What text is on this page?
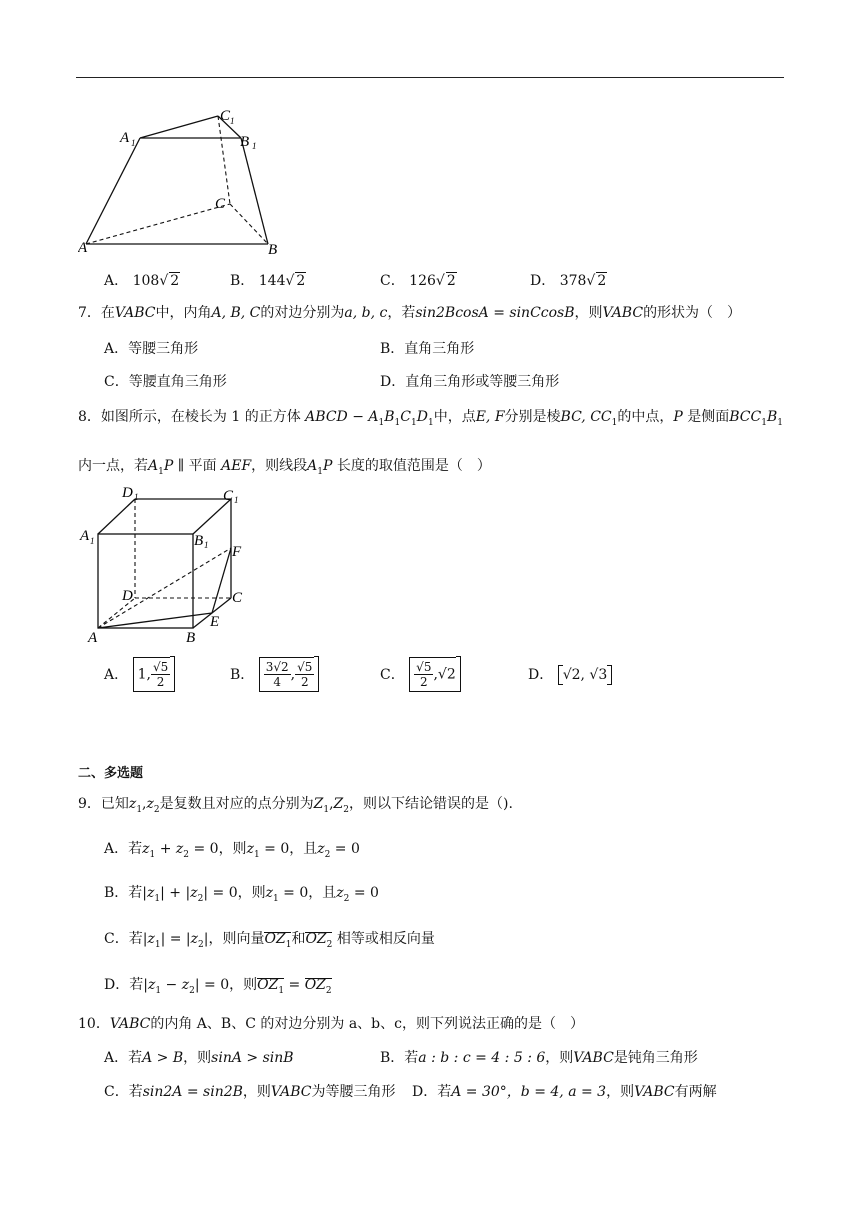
A	B
C
A 1	B 1
C 1
A． 108√ 2	B． 144√ 2	C． 126√ 2	D． 378√ 2
7．在VABC中，内角A, B, C的对边分别为a, b, c，若sin2BcosA = sinCcosB，则VABC的形状为（　）
A．等腰三角形	B．直角三角形
C．等腰直角三角形	D．直角三角形或等腰三角形
8．如图所示，在棱长为 1 的正方体 ABCD − $A_1B_1C_1D_1$中，点E, F分别是棱BC, $CC_1$的中点，P 是侧面$BCC_1B_1$
内一点，若$A_1P$ ∥ 平面 AEF，则线段$A_1P$ 长度的取值范围是（　）
D 1	C 1
A 1	B 1 F
D	C
E
A	B
A． 1, $\frac{√5}{2}$	B． $\frac{3√2}{4}$ , $\frac{√5}{2}$	C． $\frac{√5}{2} ,√2$	D． √2, √3
二、多选题
9．已知$z_1,z_2$是复数且对应的点分别为$Z_1,Z_2$，则以下结论错误的是（).
A．若$z_1 + z_2 = 0$，则$z_1 = 0$，且$z_2 = 0$
B．若$|z_1| + |z_2| = 0$，则$z_1 = 0$，且$z_2 = 0$
C．若$|z_1| = |z_2|$，则向量$OZ_1$和$OZ_2$ 相等或相反向量
D．若$|z_1 - z_2| = 0$，则$OZ_1 = OZ_2$
10．VABC的内角 A、B、C 的对边分别为 a、b、c，则下列说法正确的是（　）
A．若A > B，则sinA > sinB	B．若a : b : c = 4 : 5 : 6，则VABC是钝角三角形
C．若sin2A = sin2B，则VABC为等腰三角形 D．若A = 30°，b = 4, a = 3，则VABC有两解
